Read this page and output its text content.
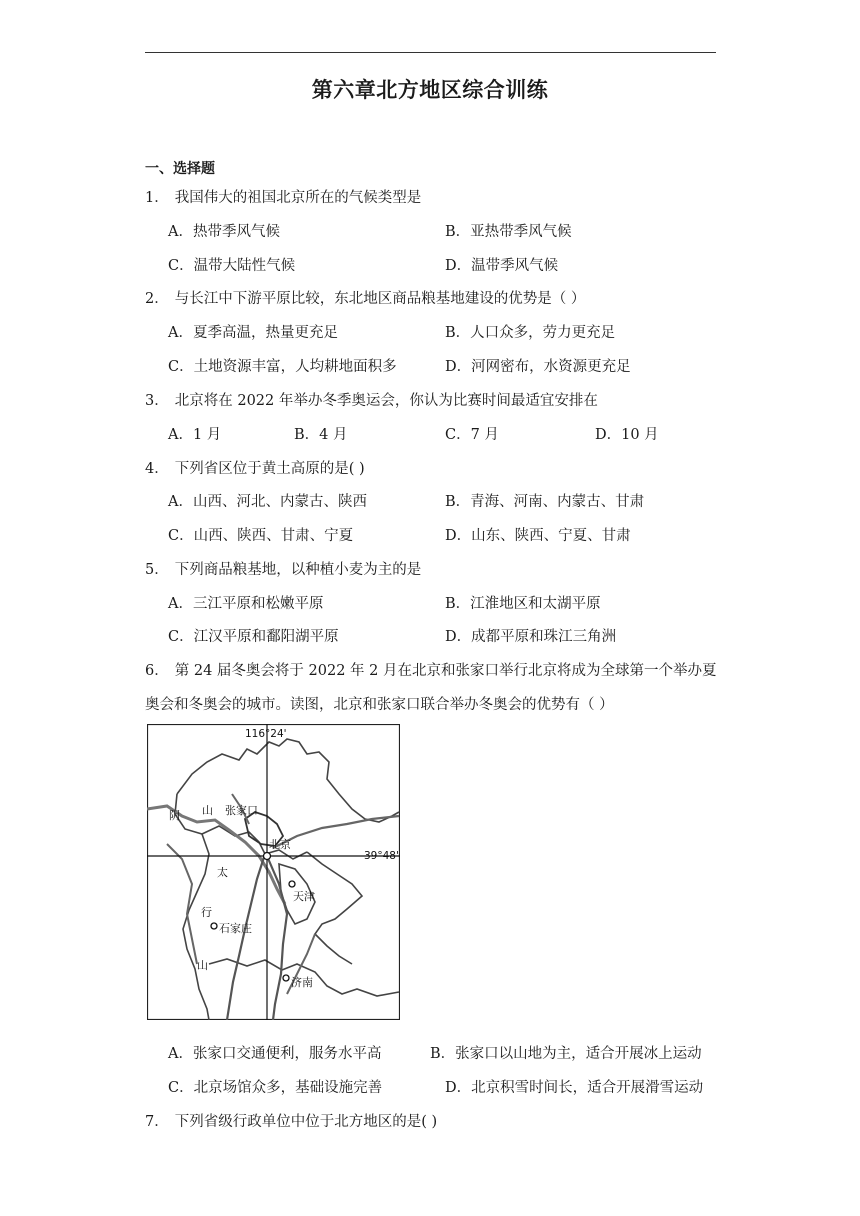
第六章北方地区综合训练
一、选择题
1． 我国伟大的祖国北京所在的气候类型是
A．热带季风气候	B．亚热带季风气候
C．温带大陆性气候	D．温带季风气候
2． 与长江中下游平原比较，东北地区商品粮基地建设的优势是（ ）
A．夏季高温，热量更充足	B．人口众多，劳力更充足
C．土地资源丰富，人均耕地面积多	D．河网密布，水资源更充足
3． 北京将在 2022 年举办冬季奥运会，你认为比赛时间最适宜安排在
A．1 月	B．4 月	C．7 月	D．10 月
4． 下列省区位于黄土高原的是( )
A．山西、河北、内蒙古、陕西	B．青海、河南、内蒙古、甘肃
C．山西、陕西、甘肃、宁夏	D．山东、陕西、宁夏、甘肃
5． 下列商品粮基地，以种植小麦为主的是
A．三江平原和松嫩平原	B．江淮地区和太湖平原
C．江汉平原和鄱阳湖平原	D．成都平原和珠江三角洲
6． 第 24 届冬奥会将于 2022 年 2 月在北京和张家口举行北京将成为全球第一个举办夏
奥会和冬奥会的城市。读图，北京和张家口联合举办冬奥会的优势有（ ）
116°24'
39°48'
阴 山 张家口
北京
太
天津
行
石家庄
山
济南
A．张家口交通便利，服务水平高	B．张家口以山地为主，适合开展冰上运动
C．北京场馆众多，基础设施完善	D．北京积雪时间长，适合开展滑雪运动
7． 下列省级行政单位中位于北方地区的是( )
